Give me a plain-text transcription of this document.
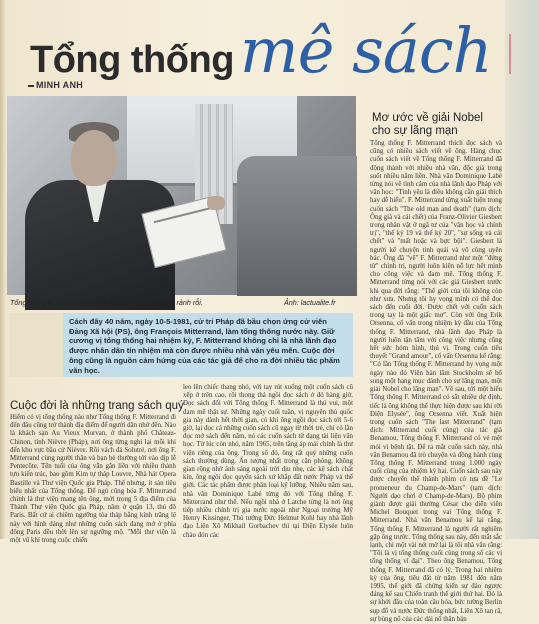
Tổng thốngmê sách
MINH ANH
Tổng thống F. Mitterrand tranh thủ đọc sách báo khi rảnh rỗi.	Ảnh: lactualite.fr
Cách đây 40 năm, ngày 10-5-1981, cử tri Pháp đã bầu chọn ứng cử viên Đảng Xã hội (PS), ông François Mitterrand, làm tổng thống nước này. Giữ cương vị tổng thống hai nhiệm kỳ, F. Mitterrand không chỉ là nhà lãnh đạo được nhân dân tín nhiệm mà còn được nhiều nhà văn yêu mến. Cuộc đời ông cũng là nguồn cảm hứng của các tác giả để cho ra đời nhiều tác phẩm văn học.
Cuộc đời là những trang sách quý

Hiếm có vị tổng thống nào như Tổng thống F. Mitterrand đi đến đâu cũng trở thành địa điểm để người dân nhớ đến. Nào là khách sạn Au Vieux Morvan, ở thành phố Château-Chinon, tỉnh Nièvre (Pháp), nơi ông từng nghỉ lại mỗi khi đến khu vực bầu cử Nièvre. Rồi vách đá Solutré, nơi ông F. Mitterrand cùng người thân và bạn bè thường tới vào dịp lễ Pentecôte. Tên tuổi của ông vẫn gắn liền với nhiều thành tựu kiến trúc, bao gồm Kim tự tháp Louvre, Nhà hát Opera Bastille và Thư viện Quốc gia Pháp. Thế nhưng, ít sản tiêu biểu nhất của Tổng thống. Để ngủ cũng hóa F. Mitterrand chính là thư viện mang tên ông, mới trong 5 địa điểm của Thành Thư viện Quốc gia Pháp, năm ở quận 13, thủ đô Paris. Bất cứ ai chiêm ngưỡng tòa tháp bằng kính trăng lệ này với hình dáng như những cuốn sách đang mở ở phía đông Paris đều thời lên sự ngưỡng mộ. "Mỗi thư viện là một vũ khí trong cuộc chiến

leo lên chiếc thang nhỏ, với tay rút xuống một cuốn sách cũ xếp ở trên cao, rồi thong thả ngồi đọc sách ở đó hàng giờ. Đọc sách đối với Tổng thống F. Mitterrand là thú vui, một đam mê thật sự. Những ngày cuối tuần, vị nguyên thủ quốc gia này dành hết thời gian, có khi ông ngồi đọc sách tới 5-6 giờ, lại đọc cả những cuốn sách cũ ngay từ thời trẻ, chỉ có lần đọc mở sách đến năm, nó các cuốn sách từ dạng tài liệu văn học. Từ lúc còn nhỏ, năm 1965, trên tầng áp mái chính là thư viện riêng của ông. Trong số đó, ông rất quý những cuốn sách thường dùng. Ấn tượng nhất trong căn phòng, không gian rộng nhờ ánh sáng ngoài trời dịu nhẹ, các kệ sách chất kín, ông ngồi đọc quyển sách xứ khắp đất nước Pháp và thế giới. Các tác phẩm được phân loại kỹ lưỡng. Nhiều năm sau, nhà văn Dominique Labé từng đó với Tổng thống F. Mitterrand như thế. Nếu ngồi nhà ở Latche từng là nơi ông tiếp nhiều chính trị gia nước ngoài như Ngoại trưởng Mỹ Henry Kissinger, Thủ tướng Đức Helmut Kohl hay nhà lãnh đạo Liên Xô Mikhail Gorbachev thì tại Điện Elysée luôn chào đón các

Mơ ước về giải Nobel
cho sự lãng mạn

Tổng thống F. Mitterrand thích đọc sách và cũng có nhiều sách viết về ông. Hàng chục cuốn sách viết về Tổng thống F. Mitterrand đã động thành với nhiều nhà văn, độc giả trong suốt nhiều năm liền. Nhà văn Dominique Labé từng nói về tình cảm của nhà lãnh đạo Pháp với văn học: "Tinh yêu là điều không cần giải thích hay dễ hiểu". F. Mitterrand từng xuất hiện trong cuốn sách "The old man and death" (tạm dịch: Ông già và cái chết) của Franz-Olivier Giesbert trong nhân vật ở ngã tư của "văn học và chính trị", "thế kỷ 19 và thế kỷ 20", "sự sống và cái chết" và "mất hoặc và bực bội". Giesbert là người kể chuyện tinh quái và vô cùng uyên bác. Ông đã "vẽ" F. Mitterrand như một "đứng từ" chính trị, người luôn kiên nỗ lực hết mình cho công việc và đam mê. Tổng thống F. Mitterrand từng nói với các giả Giesbert trước khi qua đời rằng: "Thế giới của tôi không còn như xưa. Nhưng tôi hy vọng mình có thể đọc sách đến cuối đời. Được chết với cuốn sách trong tay là một giấc mơ". Còn với ông Erik Orsenna, cố vấn trong nhiệm kỳ đầu của Tổng thống F. Mitterrand, nhà lãnh đạo Pháp là người luôn tận tâm với công việc nhưng cũng hết sức hóm hỉnh, thú vị. Trong cuốn tiểu thuyết "Grand amour", cố vấn Orsenna kể rằng: "Có lần Tổng thống F. Mitterrand hy vọng một ngày nào đó Viện hàn lâm Stockholm sẽ bổ sung một hạng mục dành cho sự lãng mạn, một giải Nobel cho lãng mạn". Về sau, tới một hiếu Tổng thống F. Mitterrand có sắt nhiều dự định, tiếc là ông không thể thực hiện được sau khi rời Điện Elysée", ông Orsenna viết. Xuất hiện trong cuốn sách "The last Mitterrand" (tạm dịch: Mitterrand cuối cùng) của tác giả Benamou, Tổng thống F. Mitterrand có vẻ mệt mỏi vì bệnh tật. Để ra mắt cuốn sách này, nhà văn Benamou đã trò chuyện và đồng hành cùng Tổng thống F. Mitterrand trong 1.000 ngày cuối cùng của nhiệm kỳ hai. Cuốn sách sau này được chuyển thể thành phim có tựa đề "Le promeneur du Champ-de-Mars" (tạm dịch: Người dạo chơi ở Champ-de-Mars). Bộ phim giành được giải thưởng César cho diễn viên Michel Bouquet trong vai Tổng thống F. Mitterrand. Nhà văn Benamou kể lại rằng, Tổng thống F. Mitterrand là người rất nghiêm gặp ông trước. Tổng thống sau này, đến mắt sắc lạnh, chỉ một vài nét mờ lại là tôi nhà văn rằng: "Tôi là vị tổng thống cuối cùng trong số các vị tổng thống vĩ đại". Theo ông Benamou, Tổng thống F. Mitterrand đã có lý. Trong hai nhiệm kỳ của ông, tiêu đất từ năm 1981 đến năm 1995, thế giới đã chứng kiến sự đảo ngược đáng kể sau Chiến tranh thế giới thứ hai. Đó là sự khởi đầu của toàn cầu hóa, bức tường Berlin sụp đổ và nước Đức thống nhất, Liên Xô tan rã, sự bùng nổ của các dải nổ thân bản
